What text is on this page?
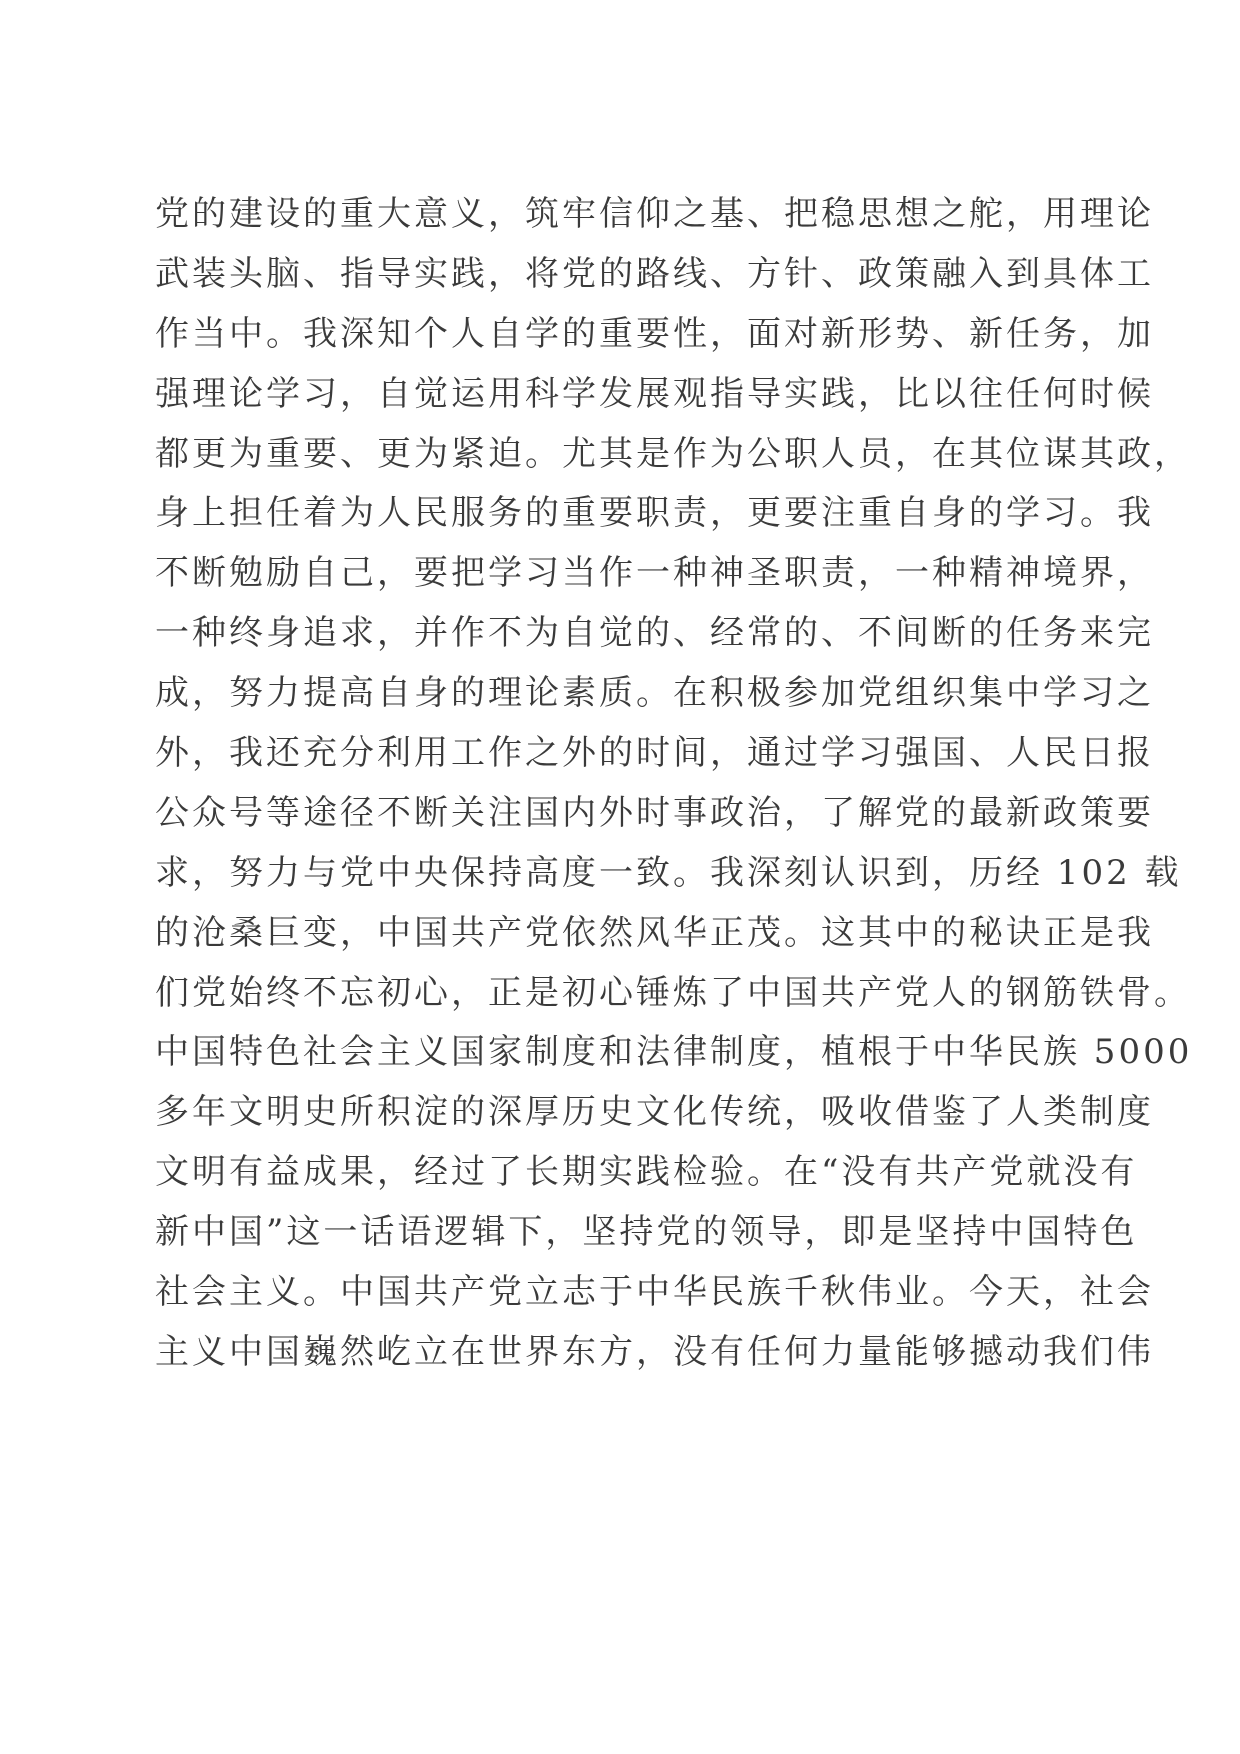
党的建设的重大意义，筑牢信仰之基、把稳思想之舵，用理论
武装头脑、指导实践，将党的路线、方针、政策融入到具体工
作当中。我深知个人自学的重要性，面对新形势、新任务，加
强理论学习，自觉运用科学发展观指导实践，比以往任何时候
都更为重要、更为紧迫。尤其是作为公职人员，在其位谋其政，
身上担任着为人民服务的重要职责，更要注重自身的学习。我
不断勉励自己，要把学习当作一种神圣职责，一种精神境界，
一种终身追求，并作不为自觉的、经常的、不间断的任务来完
成，努力提高自身的理论素质。在积极参加党组织集中学习之
外，我还充分利用工作之外的时间，通过学习强国、人民日报
公众号等途径不断关注国内外时事政治，了解党的最新政策要
求，努力与党中央保持高度一致。我深刻认识到，历经 102 载
的沧桑巨变，中国共产党依然风华正茂。这其中的秘诀正是我
们党始终不忘初心，正是初心锤炼了中国共产党人的钢筋铁骨。
中国特色社会主义国家制度和法律制度，植根于中华民族 5000
多年文明史所积淀的深厚历史文化传统，吸收借鉴了人类制度
文明有益成果，经过了长期实践检验。在“没有共产党就没有
新中国”这一话语逻辑下，坚持党的领导，即是坚持中国特色
社会主义。中国共产党立志于中华民族千秋伟业。今天，社会
主义中国巍然屹立在世界东方，没有任何力量能够撼动我们伟
